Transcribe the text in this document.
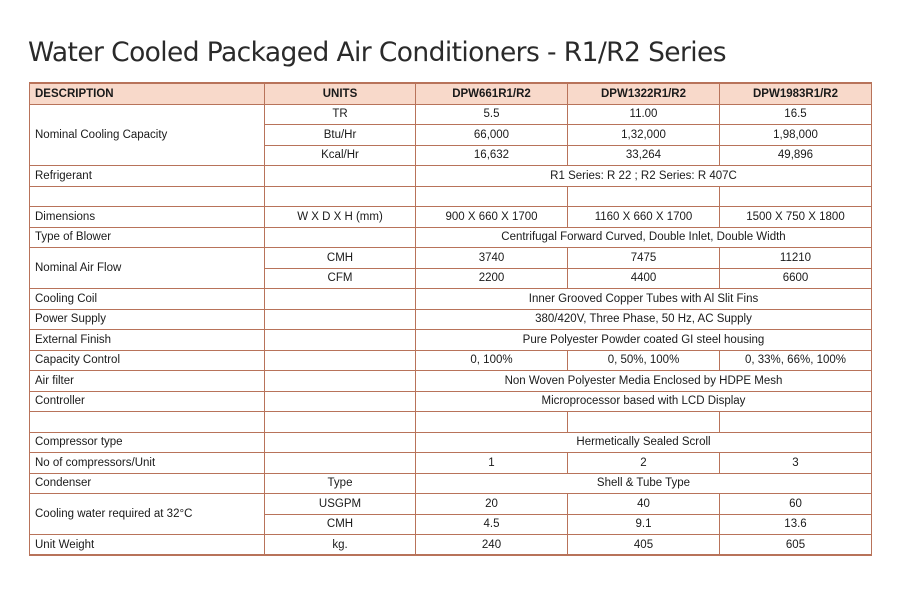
Water Cooled Packaged Air Conditioners - R1/R2 Series
DESCRIPTION	UNITS	DPW661R1/R2	DPW1322R1/R2	DPW1983R1/R2
Nominal Cooling Capacity	TR	5.5	11.00	16.5
	Btu/Hr	66,000	1,32,000	1,98,000
	Kcal/Hr	16,632	33,264	49,896
Refrigerant		R1 Series: R 22 ; R2 Series: R 407C		

Dimensions	W X D X H (mm)	900 X 660 X 1700	1160 X 660 X 1700	1500 X 750 X 1800
Type of Blower		Centrifugal Forward Curved, Double Inlet, Double Width		
Nominal Air Flow	CMH	3740	7475	11210
	CFM	2200	4400	6600
Cooling Coil		Inner Grooved Copper Tubes with Al Slit Fins		
Power Supply		380/420V, Three Phase, 50 Hz, AC Supply		
External Finish		Pure Polyester Powder coated GI steel housing		
Capacity Control		0, 100%	0, 50%, 100%	0, 33%, 66%, 100%
Air filter		Non Woven Polyester Media Enclosed by HDPE Mesh		
Controller		Microprocessor based with LCD Display		

Compressor type		Hermetically Sealed Scroll		
No of compressors/Unit		1	2	3
Condenser	Type	Shell & Tube Type		
Cooling water required at 32°C	USGPM	20	40	60
	CMH	4.5	9.1	13.6
Unit Weight	kg.	240	405	605
